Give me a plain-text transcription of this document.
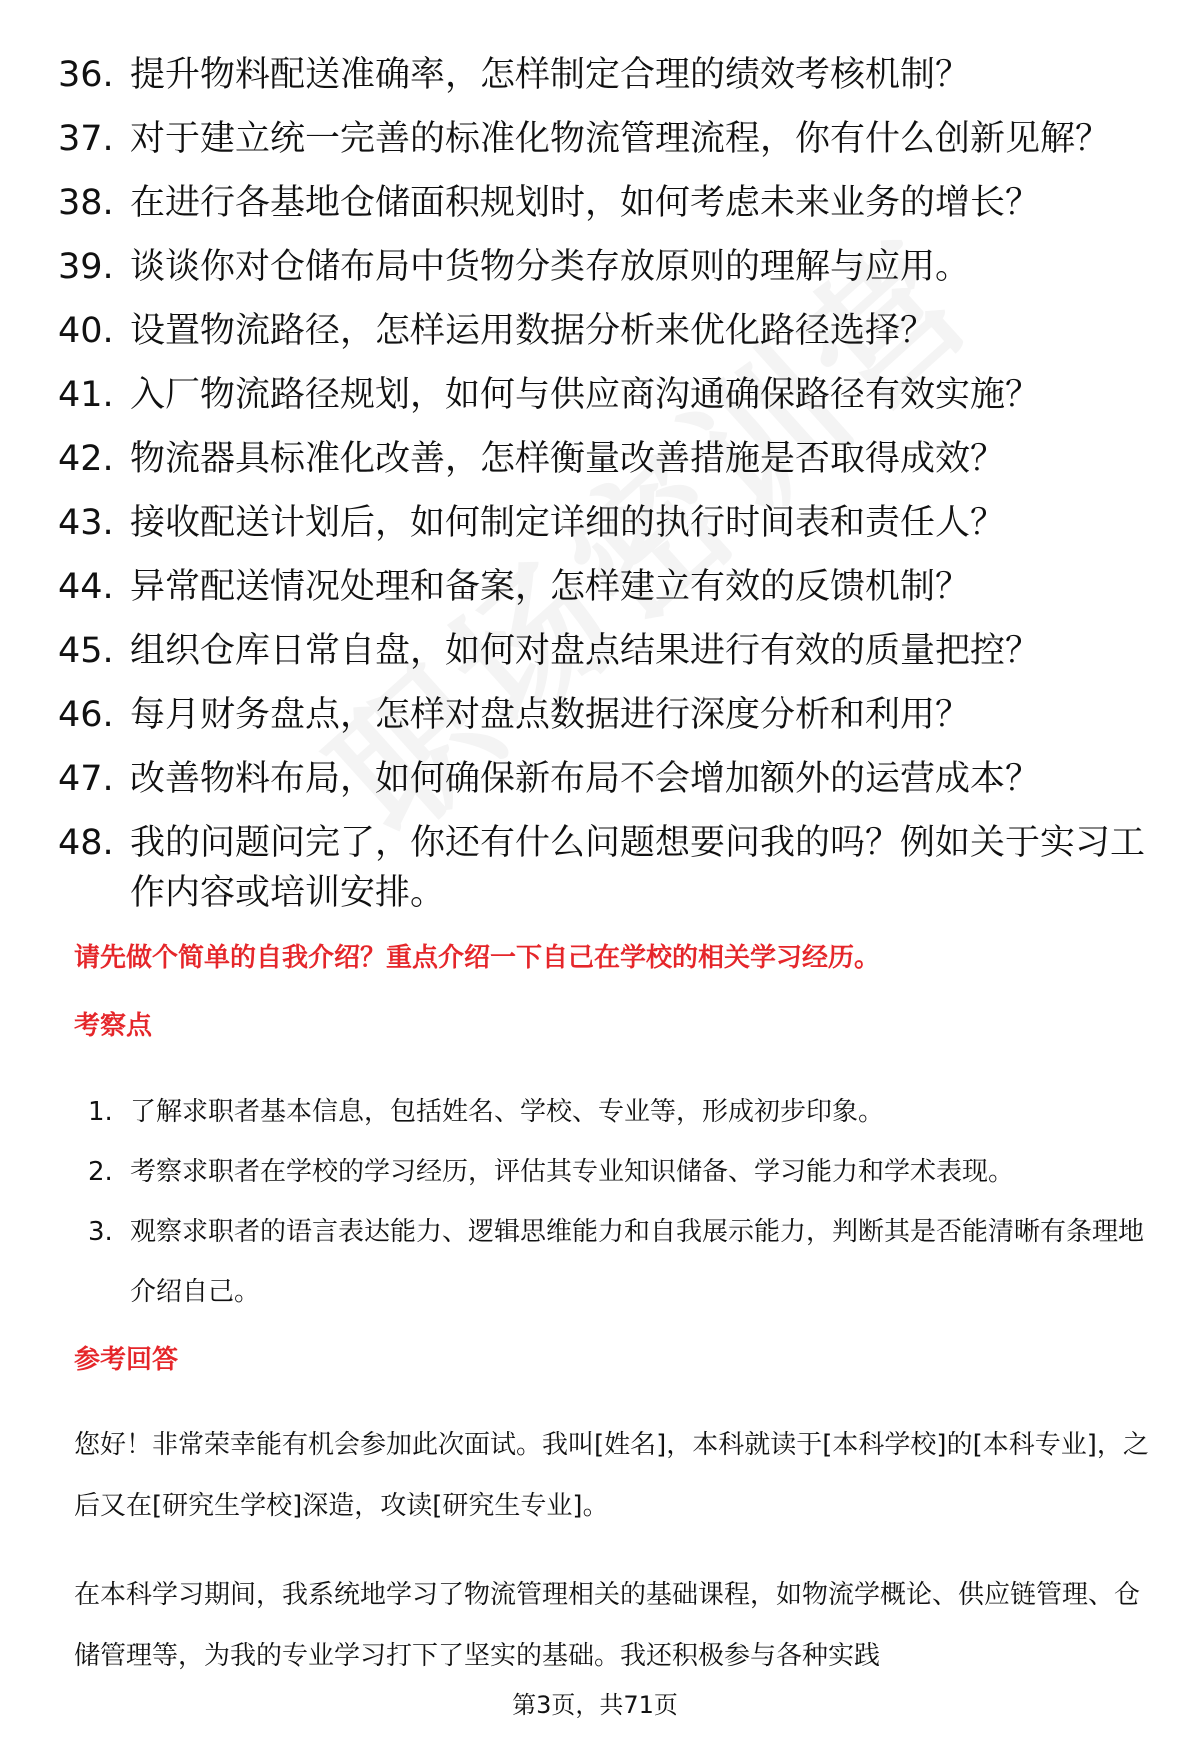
36. 提升物料配送准确率，怎样制定合理的绩效考核机制？
37. 对于建立统一完善的标准化物流管理流程，你有什么创新见解？
38. 在进行各基地仓储面积规划时，如何考虑未来业务的增长？
39. 谈谈你对仓储布局中货物分类存放原则的理解与应用。
40. 设置物流路径，怎样运用数据分析来优化路径选择？
41. 入厂物流路径规划，如何与供应商沟通确保路径有效实施？
42. 物流器具标准化改善，怎样衡量改善措施是否取得成效？
43. 接收配送计划后，如何制定详细的执行时间表和责任人？
44. 异常配送情况处理和备案，怎样建立有效的反馈机制？
45. 组织仓库日常自盘，如何对盘点结果进行有效的质量把控？
46. 每月财务盘点，怎样对盘点数据进行深度分析和利用？
47. 改善物料布局，如何确保新布局不会增加额外的运营成本？
48. 我的问题问完了，你还有什么问题想要问我的吗？例如关于实习工作内容或培训安排。
请先做个简单的自我介绍？重点介绍一下自己在学校的相关学习经历。
考察点
1. 了解求职者基本信息，包括姓名、学校、专业等，形成初步印象。
2. 考察求职者在学校的学习经历，评估其专业知识储备、学习能力和学术表现。
3. 观察求职者的语言表达能力、逻辑思维能力和自我展示能力，判断其是否能清晰有条理地介绍自己。
参考回答

您好！非常荣幸能有机会参加此次面试。我叫[姓名]，本科就读于[本科学校]的[本科专业]，之后又在[研究生学校]深造，攻读[研究生专业]。

在本科学习期间，我系统地学习了物流管理相关的基础课程，如物流学概论、供应链管理、仓储管理等，为我的专业学习打下了坚实的基础。我还积极参与各种实践

第3页，共71页
